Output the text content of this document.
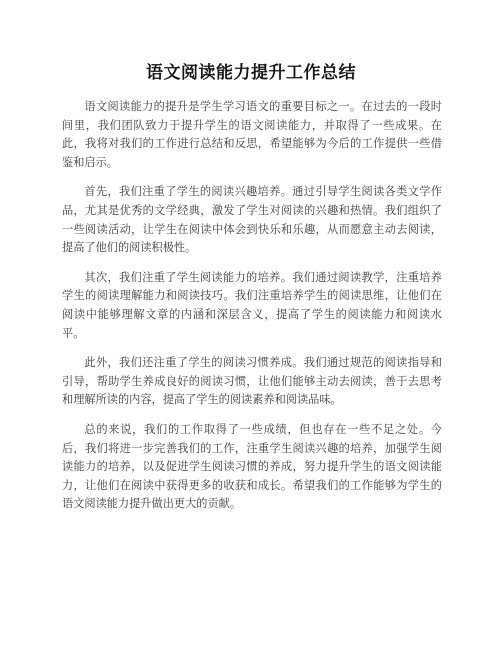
语文阅读能力提升工作总结

语文阅读能力的提升是学生学习语文的重要目标之一。在过去的一段时间里，我们团队致力于提升学生的语文阅读能力，并取得了一些成果。在此，我将对我们的工作进行总结和反思，希望能够为今后的工作提供一些借鉴和启示。

首先，我们注重了学生的阅读兴趣培养。通过引导学生阅读各类文学作品，尤其是优秀的文学经典，激发了学生对阅读的兴趣和热情。我们组织了一些阅读活动，让学生在阅读中体会到快乐和乐趣，从而愿意主动去阅读，提高了他们的阅读积极性。

其次，我们注重了学生阅读能力的培养。我们通过阅读教学，注重培养学生的阅读理解能力和阅读技巧。我们注重培养学生的阅读思维，让他们在阅读中能够理解文章的内涵和深层含义，提高了学生的阅读能力和阅读水平。

此外，我们还注重了学生的阅读习惯养成。我们通过规范的阅读指导和引导，帮助学生养成良好的阅读习惯，让他们能够主动去阅读，善于去思考和理解所读的内容，提高了学生的阅读素养和阅读品味。

总的来说，我们的工作取得了一些成绩，但也存在一些不足之处。今后，我们将进一步完善我们的工作，注重学生阅读兴趣的培养，加强学生阅读能力的培养，以及促进学生阅读习惯的养成，努力提升学生的语文阅读能力，让他们在阅读中获得更多的收获和成长。希望我们的工作能够为学生的语文阅读能力提升做出更大的贡献。
